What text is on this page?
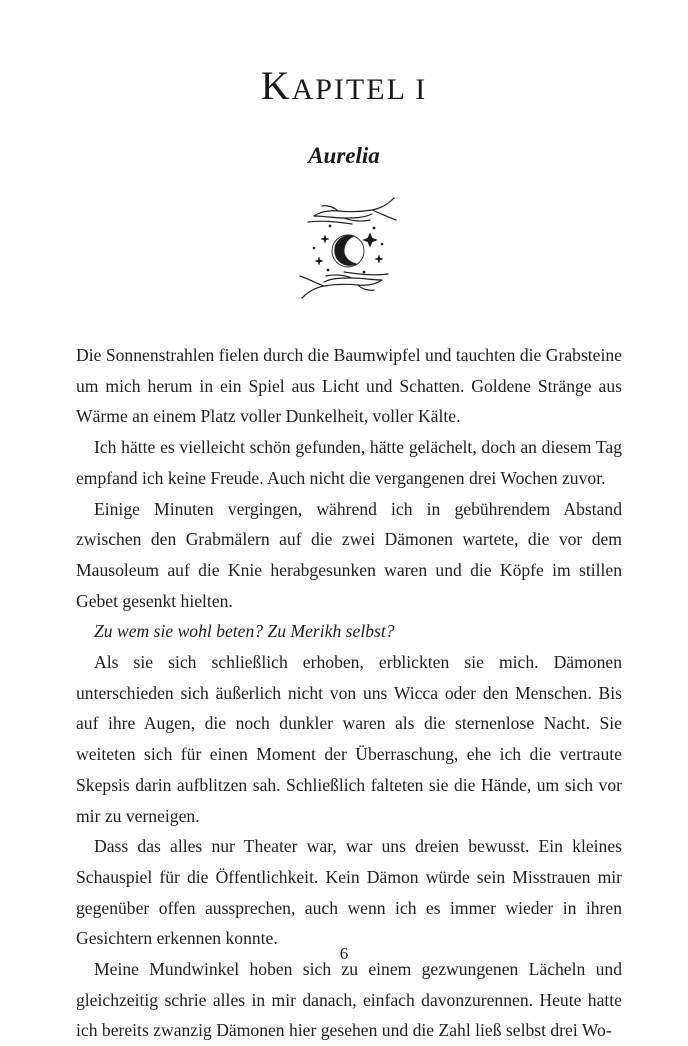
KAPITEL I
Aurelia

Die Sonnenstrahlen fielen durch die Baumwipfel und tauchten die Grabsteine um mich herum in ein Spiel aus Licht und Schatten. Goldene Stränge aus Wärme an einem Platz voller Dunkelheit, voller Kälte.

Ich hätte es vielleicht schön gefunden, hätte gelächelt, doch an diesem Tag empfand ich keine Freude. Auch nicht die vergangenen drei Wochen zuvor.

Einige Minuten vergingen, während ich in gebührendem Abstand zwischen den Grabmälern auf die zwei Dämonen wartete, die vor dem Mausoleum auf die Knie herabgesunken waren und die Köpfe im stillen Gebet gesenkt hielten.

Zu wem sie wohl beten? Zu Merikh selbst?

Als sie sich schließlich erhoben, erblickten sie mich. Dämonen unterschieden sich äußerlich nicht von uns Wicca oder den Menschen. Bis auf ihre Augen, die noch dunkler waren als die sternenlose Nacht. Sie weiteten sich für einen Moment der Überraschung, ehe ich die vertraute Skepsis darin aufblitzen sah. Schließlich falteten sie die Hände, um sich vor mir zu verneigen.

Dass das alles nur Theater war, war uns dreien bewusst. Ein kleines Schauspiel für die Öffentlichkeit. Kein Dämon würde sein Misstrauen mir gegenüber offen aussprechen, auch wenn ich es immer wieder in ihren Gesichtern erkennen konnte.

Meine Mundwinkel hoben sich zu einem gezwungenen Lächeln und gleichzeitig schrie alles in mir danach, einfach davonzurennen. Heute hatte ich bereits zwanzig Dämonen hier gesehen und die Zahl ließ selbst drei Wo-

6
